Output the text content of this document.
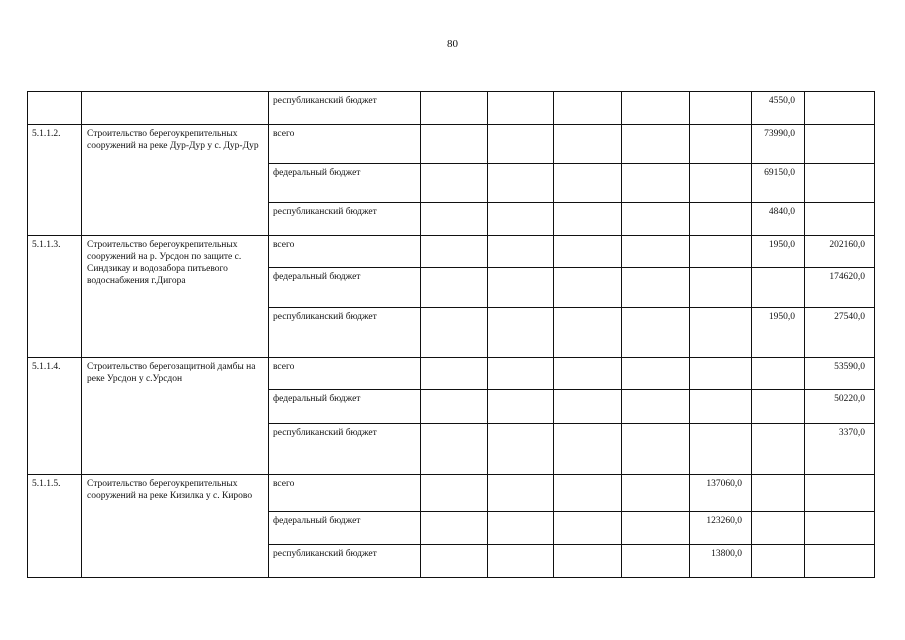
80
		республиканский бюджет						4550,0	
5.1.1.2.	Строительство берегоукрепительных сооружений на реке Дур-Дур у с. Дур-Дур	всего						73990,0	
		федеральный бюджет						69150,0	
		республиканский бюджет						4840,0	
5.1.1.3.	Строительство берегоукрепительных сооружений на р. Урсдон по защите с. Синдзикау и водозабора питьевого водоснабжения г.Дигора	всего						1950,0	202160,0
		федеральный бюджет							174620,0
		республиканский бюджет						1950,0	27540,0
5.1.1.4.	Строительство берегозащитной дамбы на реке Урсдон у с.Урсдон	всего							53590,0
		федеральный бюджет							50220,0
		республиканский бюджет							3370,0
5.1.1.5.	Строительство берегоукрепительных сооружений на реке Кизилка у с. Кирово	всего					137060,0		
		федеральный бюджет					123260,0		
		республиканский бюджет					13800,0		
